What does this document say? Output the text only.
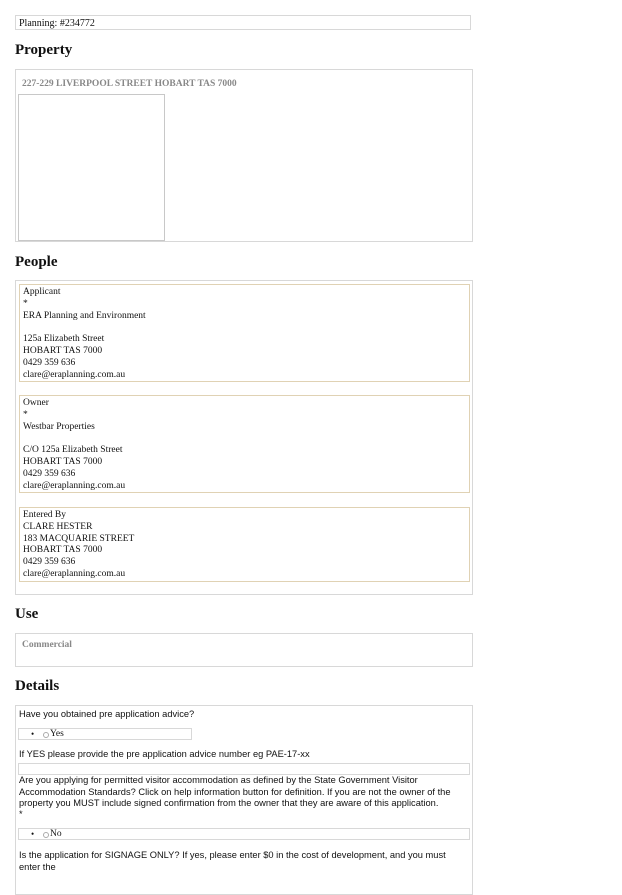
Planning: #234772
Property
227-229 LIVERPOOL STREET HOBART TAS 7000
People
Applicant
*
ERA Planning and Environment
125a Elizabeth Street
HOBART TAS 7000
0429 359 636
clare@eraplanning.com.au
Owner
*
Westbar Properties
C/O 125a Elizabeth Street
HOBART TAS 7000
0429 359 636
clare@eraplanning.com.au
Entered By
CLARE HESTER
183 MACQUARIE STREET
HOBART TAS 7000
0429 359 636
clare@eraplanning.com.au
Use
Commercial
Details
Have you obtained pre application advice?
• Yes
If YES please provide the pre application advice number eg PAE-17-xx
Are you applying for permitted visitor accommodation as defined by the State Government Visitor Accommodation Standards? Click on help information button for definition. If you are not the owner of the property you MUST include signed confirmation from the owner that they are aware of this application.
*
• No
Is the application for SIGNAGE ONLY? If yes, please enter $0 in the cost of development, and you must enter the
